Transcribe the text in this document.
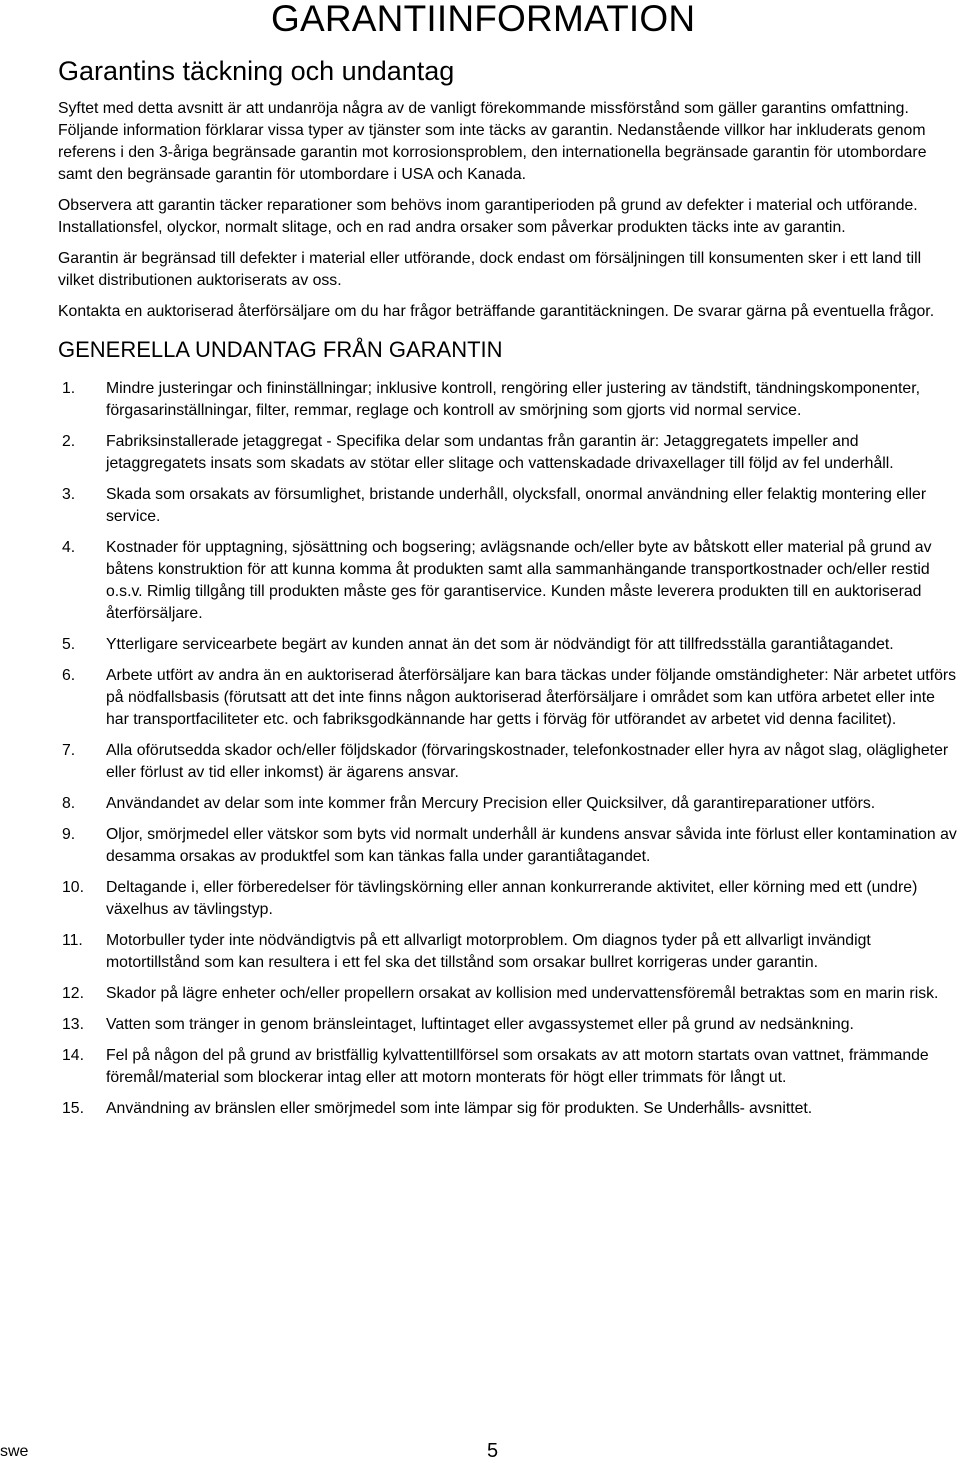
GARANTIINFORMATION
Garantins täckning och undantag

Syftet med detta avsnitt är att undanröja några av de vanligt förekommande missförstånd som gäller garantins omfattning. Följande information förklarar vissa typer av tjänster som inte täcks av garantin. Nedanstående villkor har inkluderats genom referens i den 3-åriga begränsade garantin mot korrosionsproblem, den internationella begränsade garantin för utombordare samt den begränsade garantin för utombordare i USA och Kanada.

Observera att garantin täcker reparationer som behövs inom garantiperioden på grund av defekter i material och utförande. Installationsfel, olyckor, normalt slitage, och en rad andra orsaker som påverkar produkten täcks inte av garantin.

Garantin är begränsad till defekter i material eller utförande, dock endast om försäljningen till konsumenten sker i ett land till vilket distributionen auktoriserats av oss.

Kontakta en auktoriserad återförsäljare om du har frågor beträffande garantitäckningen. De svarar gärna på eventuella frågor.

GENERELLA UNDANTAG FRÅN GARANTIN
1.	Mindre justeringar och fininställningar; inklusive kontroll, rengöring eller justering av tändstift, tändningskomponenter, förgasarinställningar, filter, remmar, reglage och kontroll av smörjning som gjorts vid normal service.
2.	Fabriksinstallerade jetaggregat - Specifika delar som undantas från garantin är: Jetaggregatets impeller and jetaggregatets insats som skadats av stötar eller slitage och vattenskadade drivaxellager till följd av fel underhåll.
3.	Skada som orsakats av försumlighet, bristande underhåll, olycksfall, onormal användning eller felaktig montering eller service.
4.	Kostnader för upptagning, sjösättning och bogsering; avlägsnande och/eller byte av båtskott eller material på grund av båtens konstruktion för att kunna komma åt produkten samt alla sammanhängande transportkostnader och/eller restid o.s.v. Rimlig tillgång till produkten måste ges för garantiservice. Kunden måste leverera produkten till en auktoriserad återförsäljare.
5.	Ytterligare servicearbete begärt av kunden annat än det som är nödvändigt för att tillfredsställa garantiåtagandet.
6.	Arbete utfört av andra än en auktoriserad återförsäljare kan bara täckas under följande omständigheter: När arbetet utförs på nödfallsbasis (förutsatt att det inte finns någon auktoriserad återförsäljare i området som kan utföra arbetet eller inte har transportfaciliteter etc. och fabriksgodkännande har getts i förväg för utförandet av arbetet vid denna facilitet).
7.	Alla oförutsedda skador och/eller följdskador (förvaringskostnader, telefonkostnader eller hyra av något slag, olägligheter eller förlust av tid eller inkomst) är ägarens ansvar.
8.	Användandet av delar som inte kommer från Mercury Precision eller Quicksilver, då garantireparationer utförs.
9.	Oljor, smörjmedel eller vätskor som byts vid normalt underhåll är kundens ansvar såvida inte förlust eller kontamination av desamma orsakas av produktfel som kan tänkas falla under garantiåtagandet.
10.	Deltagande i, eller förberedelser för tävlingskörning eller annan konkurrerande aktivitet, eller körning med ett (undre) växelhus av tävlingstyp.
11.	Motorbuller tyder inte nödvändigtvis på ett allvarligt motorproblem. Om diagnos tyder på ett allvarligt invändigt motortillstånd som kan resultera i ett fel ska det tillstånd som orsakar bullret korrigeras under garantin.
12.	Skador på lägre enheter och/eller propellern orsakat av kollision med undervattensföremål betraktas som en marin risk.
13.	Vatten som tränger in genom bränsleintaget, luftintaget eller avgassystemet eller på grund av nedsänkning.
14.	Fel på någon del på grund av bristfällig kylvattentillförsel som orsakats av att motorn startats ovan vattnet, främmande föremål/material som blockerar intag eller att motorn monterats för högt eller trimmats för långt ut.
15.	Användning av bränslen eller smörjmedel som inte lämpar sig för produkten. Se Underhålls- avsnittet.
swe	5
